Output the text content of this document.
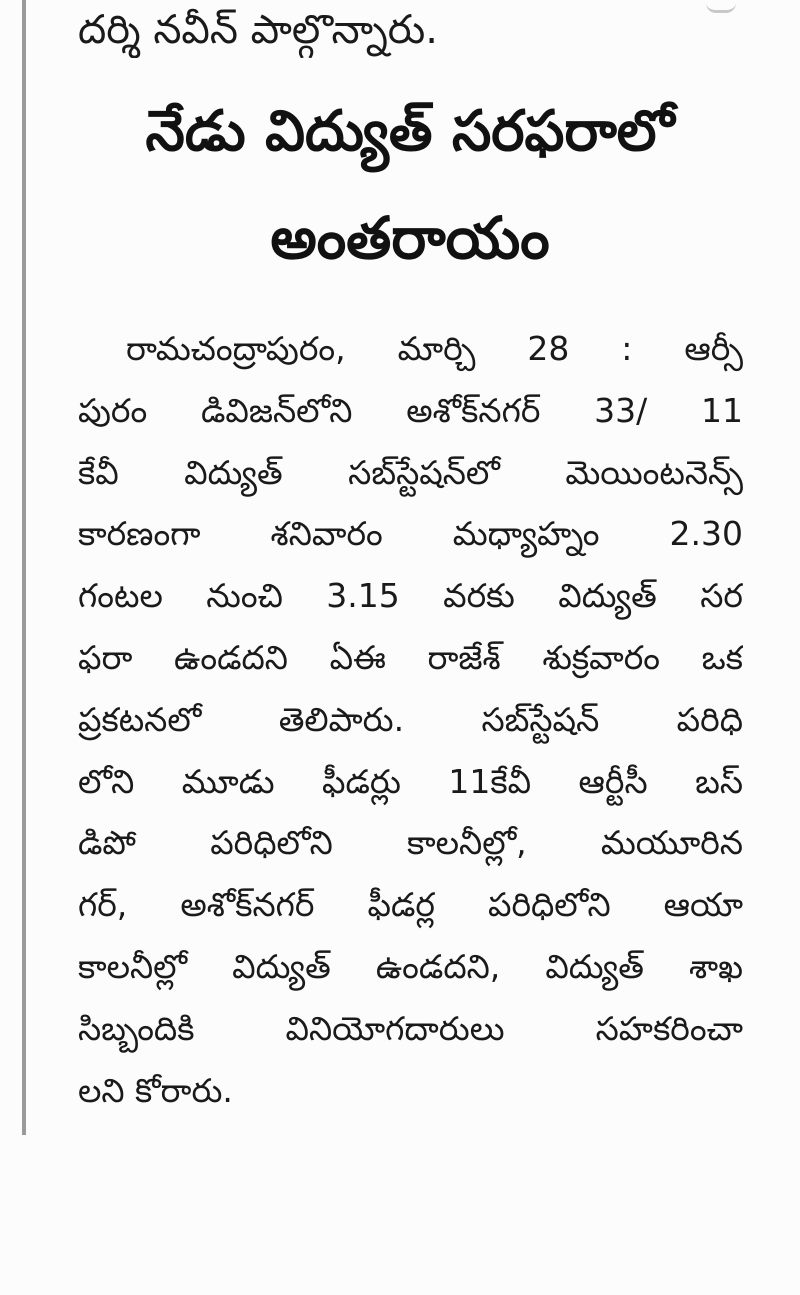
దర్శి నవీన్ పాల్గొన్నారు.
నేడు విద్యుత్ సరఫరాలో
అంతరాయం
రామచంద్రాపురం, మార్చి 28 : ఆర్సీ
పురం డివిజన్‌లోని అశోక్‌నగర్ 33/ 11
కేవీ విద్యుత్ సబ్‌స్టేషన్‌లో మెయింటనెన్స్
కారణంగా శనివారం మధ్యాహ్నం 2.30
గంటల నుంచి 3.15 వరకు విద్యుత్ సర
ఫరా ఉండదని ఏఈ రాజేశ్ శుక్రవారం ఒక
ప్రకటనలో తెలిపారు. సబ్‌స్టేషన్ పరిధి
లోని మూడు ఫీడర్లు 11కేవీ ఆర్టీసీ బస్
డిపో పరిధిలోని కాలనీల్లో, మయూరిన
గర్, అశోక్‌నగర్ ఫీడర్ల పరిధిలోని ఆయా
కాలనీల్లో విద్యుత్ ఉండదని, విద్యుత్ శాఖ
సిబ్బందికి వినియోగదారులు సహకరించా
లని కోరారు.
